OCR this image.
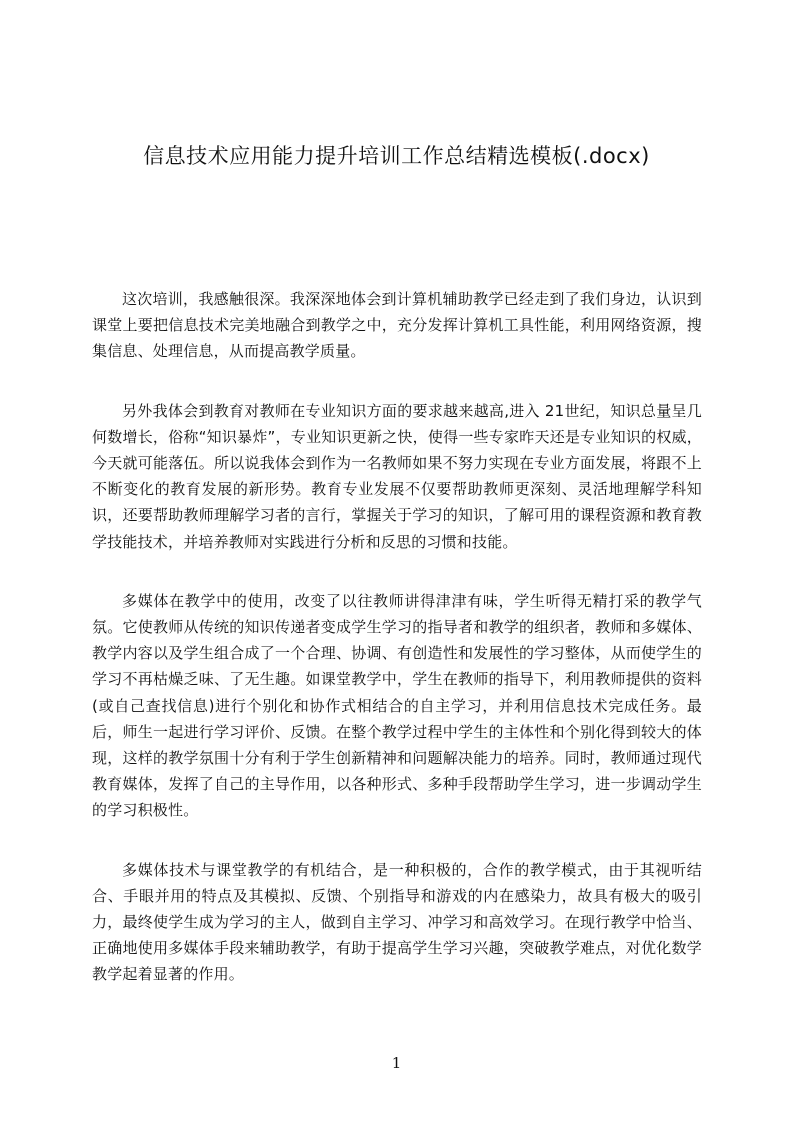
信息技术应用能力提升培训工作总结精选模板(.docx)

这次培训，我感触很深。我深深地体会到计算机辅助教学已经走到了我们身边，认识到课堂上要把信息技术完美地融合到教学之中，充分发挥计算机工具性能，利用网络资源，搜集信息、处理信息，从而提高教学质量。

另外我体会到教育对教师在专业知识方面的要求越来越高,进入 21世纪，知识总量呈几何数增长，俗称“知识暴炸”，专业知识更新之快，使得一些专家昨天还是专业知识的权威，今天就可能落伍。所以说我体会到作为一名教师如果不努力实现在专业方面发展，将跟不上不断变化的教育发展的新形势。教育专业发展不仅要帮助教师更深刻、灵活地理解学科知识，还要帮助教师理解学习者的言行，掌握关于学习的知识，了解可用的课程资源和教育教学技能技术，并培养教师对实践进行分析和反思的习惯和技能。

多媒体在教学中的使用，改变了以往教师讲得津津有味，学生听得无精打采的教学气氛。它使教师从传统的知识传递者变成学生学习的指导者和教学的组织者，教师和多媒体、教学内容以及学生组合成了一个合理、协调、有创造性和发展性的学习整体，从而使学生的学习不再枯燥乏味、了无生趣。如课堂教学中，学生在教师的指导下，利用教师提供的资料(或自己查找信息)进行个别化和协作式相结合的自主学习，并利用信息技术完成任务。最后，师生一起进行学习评价、反馈。在整个教学过程中学生的主体性和个别化得到较大的体现，这样的教学氛围十分有利于学生创新精神和问题解决能力的培养。同时，教师通过现代教育媒体，发挥了自己的主导作用，以各种形式、多种手段帮助学生学习，进一步调动学生的学习积极性。

多媒体技术与课堂教学的有机结合，是一种积极的，合作的教学模式，由于其视听结合、手眼并用的特点及其模拟、反馈、个别指导和游戏的内在感染力，故具有极大的吸引力，最终使学生成为学习的主人，做到自主学习、冲学习和高效学习。在现行教学中恰当、正确地使用多媒体手段来辅助教学，有助于提高学生学习兴趣，突破教学难点，对优化数学教学起着显著的作用。

1
